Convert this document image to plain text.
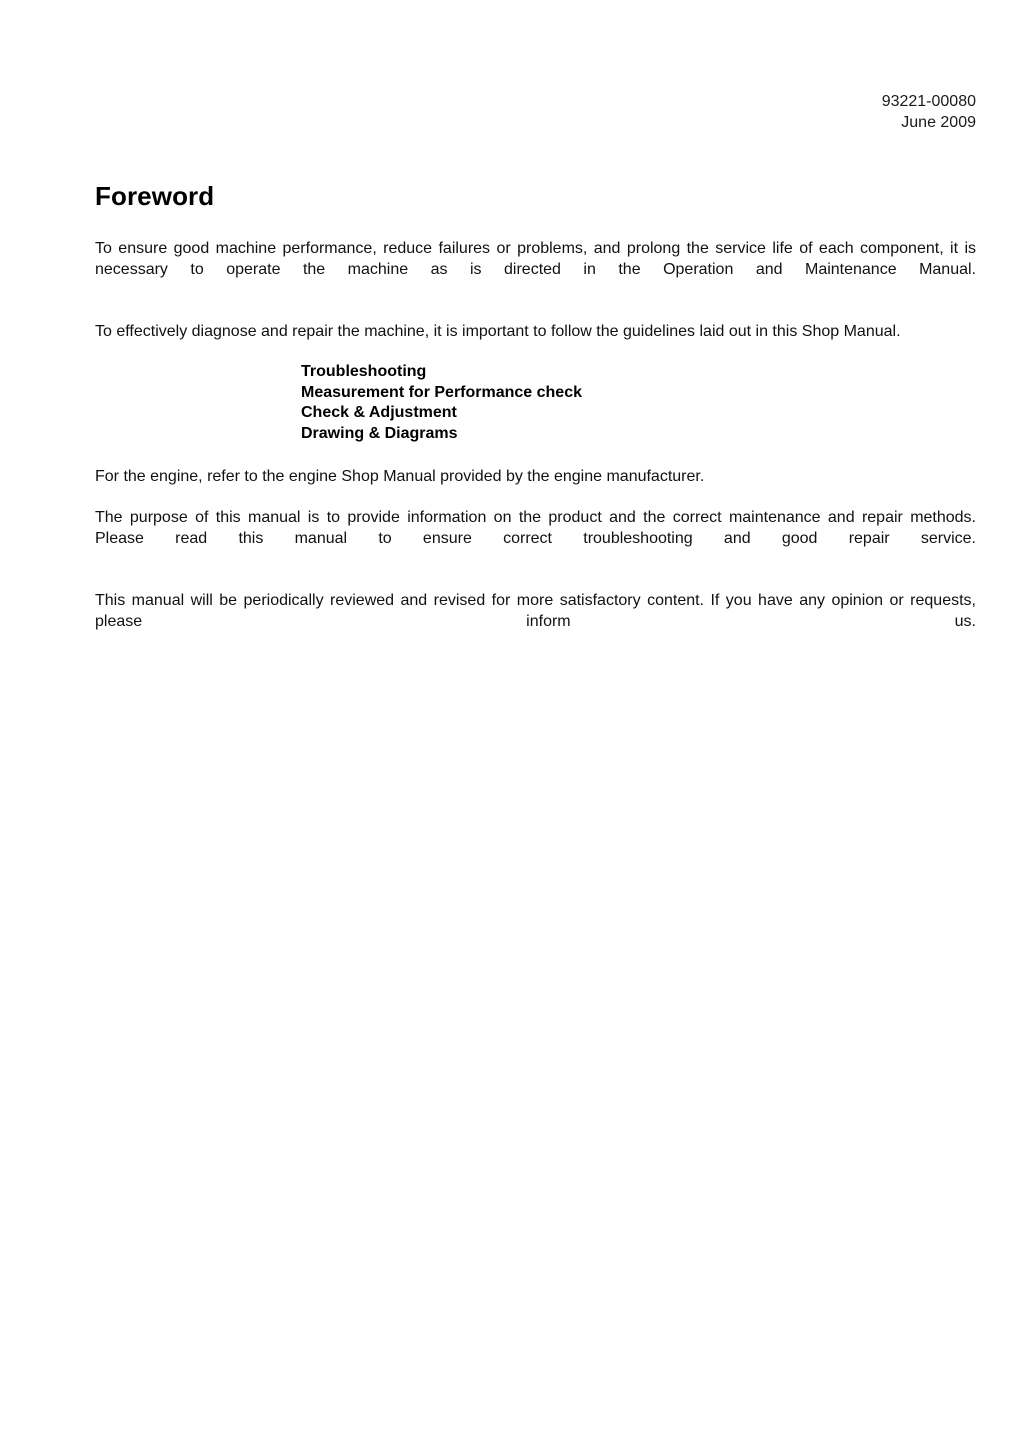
93221-00080
June 2009
Foreword

To ensure good machine performance, reduce failures or problems, and prolong the service life of each component, it is necessary to operate the machine as is directed in the Operation and Maintenance Manual.

To effectively diagnose and repair the machine, it is important to follow the guidelines laid out in this Shop Manual.

Troubleshooting
Measurement for Performance check
Check & Adjustment
Drawing & Diagrams

For the engine, refer to the engine Shop Manual provided by the engine manufacturer.

The purpose of this manual is to provide information on the product and the correct maintenance and repair methods. Please read this manual to ensure correct troubleshooting and good repair service.

This manual will be periodically reviewed and revised for more satisfactory content. If you have any opinion or requests, please inform us.
